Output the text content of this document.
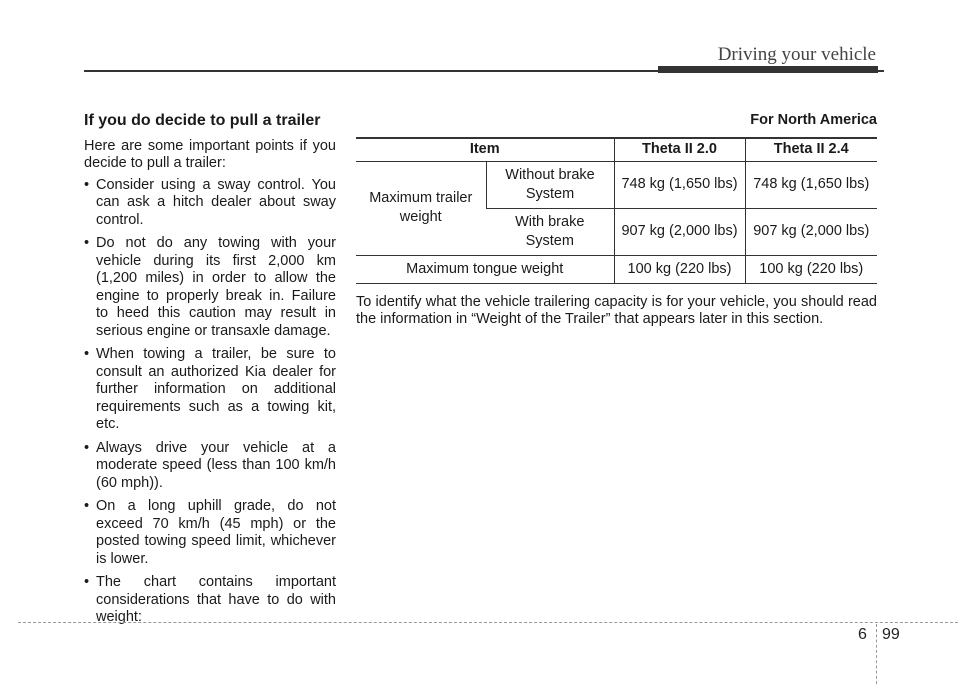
Driving your vehicle
If you do decide to pull a trailer

Here are some important points if you decide to pull a trailer:

• Consider using a sway control. You can ask a hitch dealer about sway control.
• Do not do any towing with your vehicle during its first 2,000 km (1,200 miles) in order to allow the engine to properly break in. Failure to heed this caution may result in serious engine or transaxle damage.
• When towing a trailer, be sure to consult an authorized Kia dealer for further information on additional requirements such as a towing kit, etc.
• Always drive your vehicle at a moderate speed (less than 100 km/h (60 mph)).
• On a long uphill grade, do not exceed 70 km/h (45 mph) or the posted towing speed limit, whichever is lower.
• The chart contains important considerations that have to do with weight:
For North America
Item		Theta II 2.0	Theta II 2.4
Maximum trailer weight	Without brake System	748 kg (1,650 lbs)	748 kg (1,650 lbs)
	With brake System	907 kg (2,000 lbs)	907 kg (2,000 lbs)
Maximum tongue weight		100 kg (220 lbs)	100 kg (220 lbs)

To identify what the vehicle trailering capacity is for your vehicle, you should read the information in “Weight of the Trailer” that appears later in this section.

6 99
